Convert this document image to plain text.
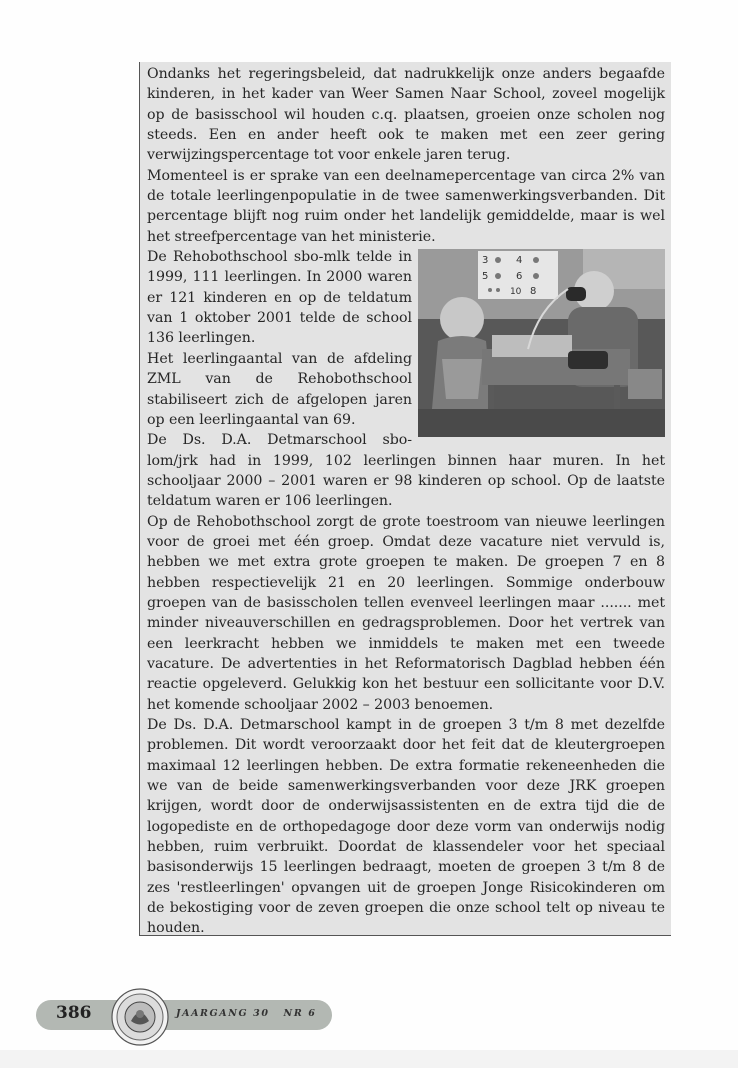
Ondanks het regeringsbeleid, dat nadrukkelijk onze anders begaafde kinderen, in het kader van Weer Samen Naar School, zoveel mogelijk op de basisschool wil houden c.q. plaatsen, groeien onze scholen nog steeds. Een en ander heeft ook te maken met een zeer gering verwijzingspercentage tot voor enkele jaren terug.

Momenteel is er sprake van een deelnamepercentage van circa 2% van de totale leerlingenpopulatie in de twee samenwerkingsverbanden. Dit percentage blijft nog ruim onder het landelijk gemiddelde, maar is wel het streefpercentage van het ministerie.

3	4
5	6
8
10

De Rehobothschool sbo-mlk telde in 1999, 111 leerlingen. In 2000 waren er 121 kinderen en op de teldatum van 1 oktober 2001 telde de school 136 leerlingen.

Het leerlingaantal van de afdeling ZML van de Rehobothschool stabiliseert zich de afgelopen jaren op een leerlingaantal van 69.

De Ds. D.A. Detmarschool sbo-lom/jrk had in 1999, 102 leerlingen binnen haar muren. In het schooljaar 2000 – 2001 waren er 98 kinderen op school. Op de laatste teldatum waren er 106 leerlingen.

Op de Rehobothschool zorgt de grote toestroom van nieuwe leerlingen voor de groei met één groep. Omdat deze vacature niet vervuld is, hebben we met extra grote groepen te maken. De groepen 7 en 8 hebben respectievelijk 21 en 20 leerlingen. Sommige onderbouw groepen van de basisscholen tellen evenveel leerlingen maar ....... met minder niveauverschillen en gedragsproblemen. Door het vertrek van een leerkracht hebben we inmiddels te maken met een tweede vacature. De advertenties in het Reformatorisch Dagblad hebben één reactie opgeleverd. Gelukkig kon het bestuur een sollicitante voor D.V. het komende schooljaar 2002 – 2003 benoemen.

De Ds. D.A. Detmarschool kampt in de groepen 3 t/m 8 met dezelfde problemen. Dit wordt veroorzaakt door het feit dat de kleutergroepen maximaal 12 leerlingen hebben. De extra formatie rekeneenheden die we van de beide samenwerkingsverbanden voor deze JRK groepen krijgen, wordt door de onderwijsassistenten en de extra tijd die de logopediste en de orthopedagoge door deze vorm van onderwijs nodig hebben, ruim verbruikt. Doordat de klassendeler voor het speciaal basisonderwijs 15 leerlingen bedraagt, moeten de groepen 3 t/m 8 de zes 'restleerlingen' opvangen uit de groepen Jonge Risicokinderen om de bekostiging voor de zeven groepen die onze school telt op niveau te houden.

386	JAARGANG 30 NR 6
